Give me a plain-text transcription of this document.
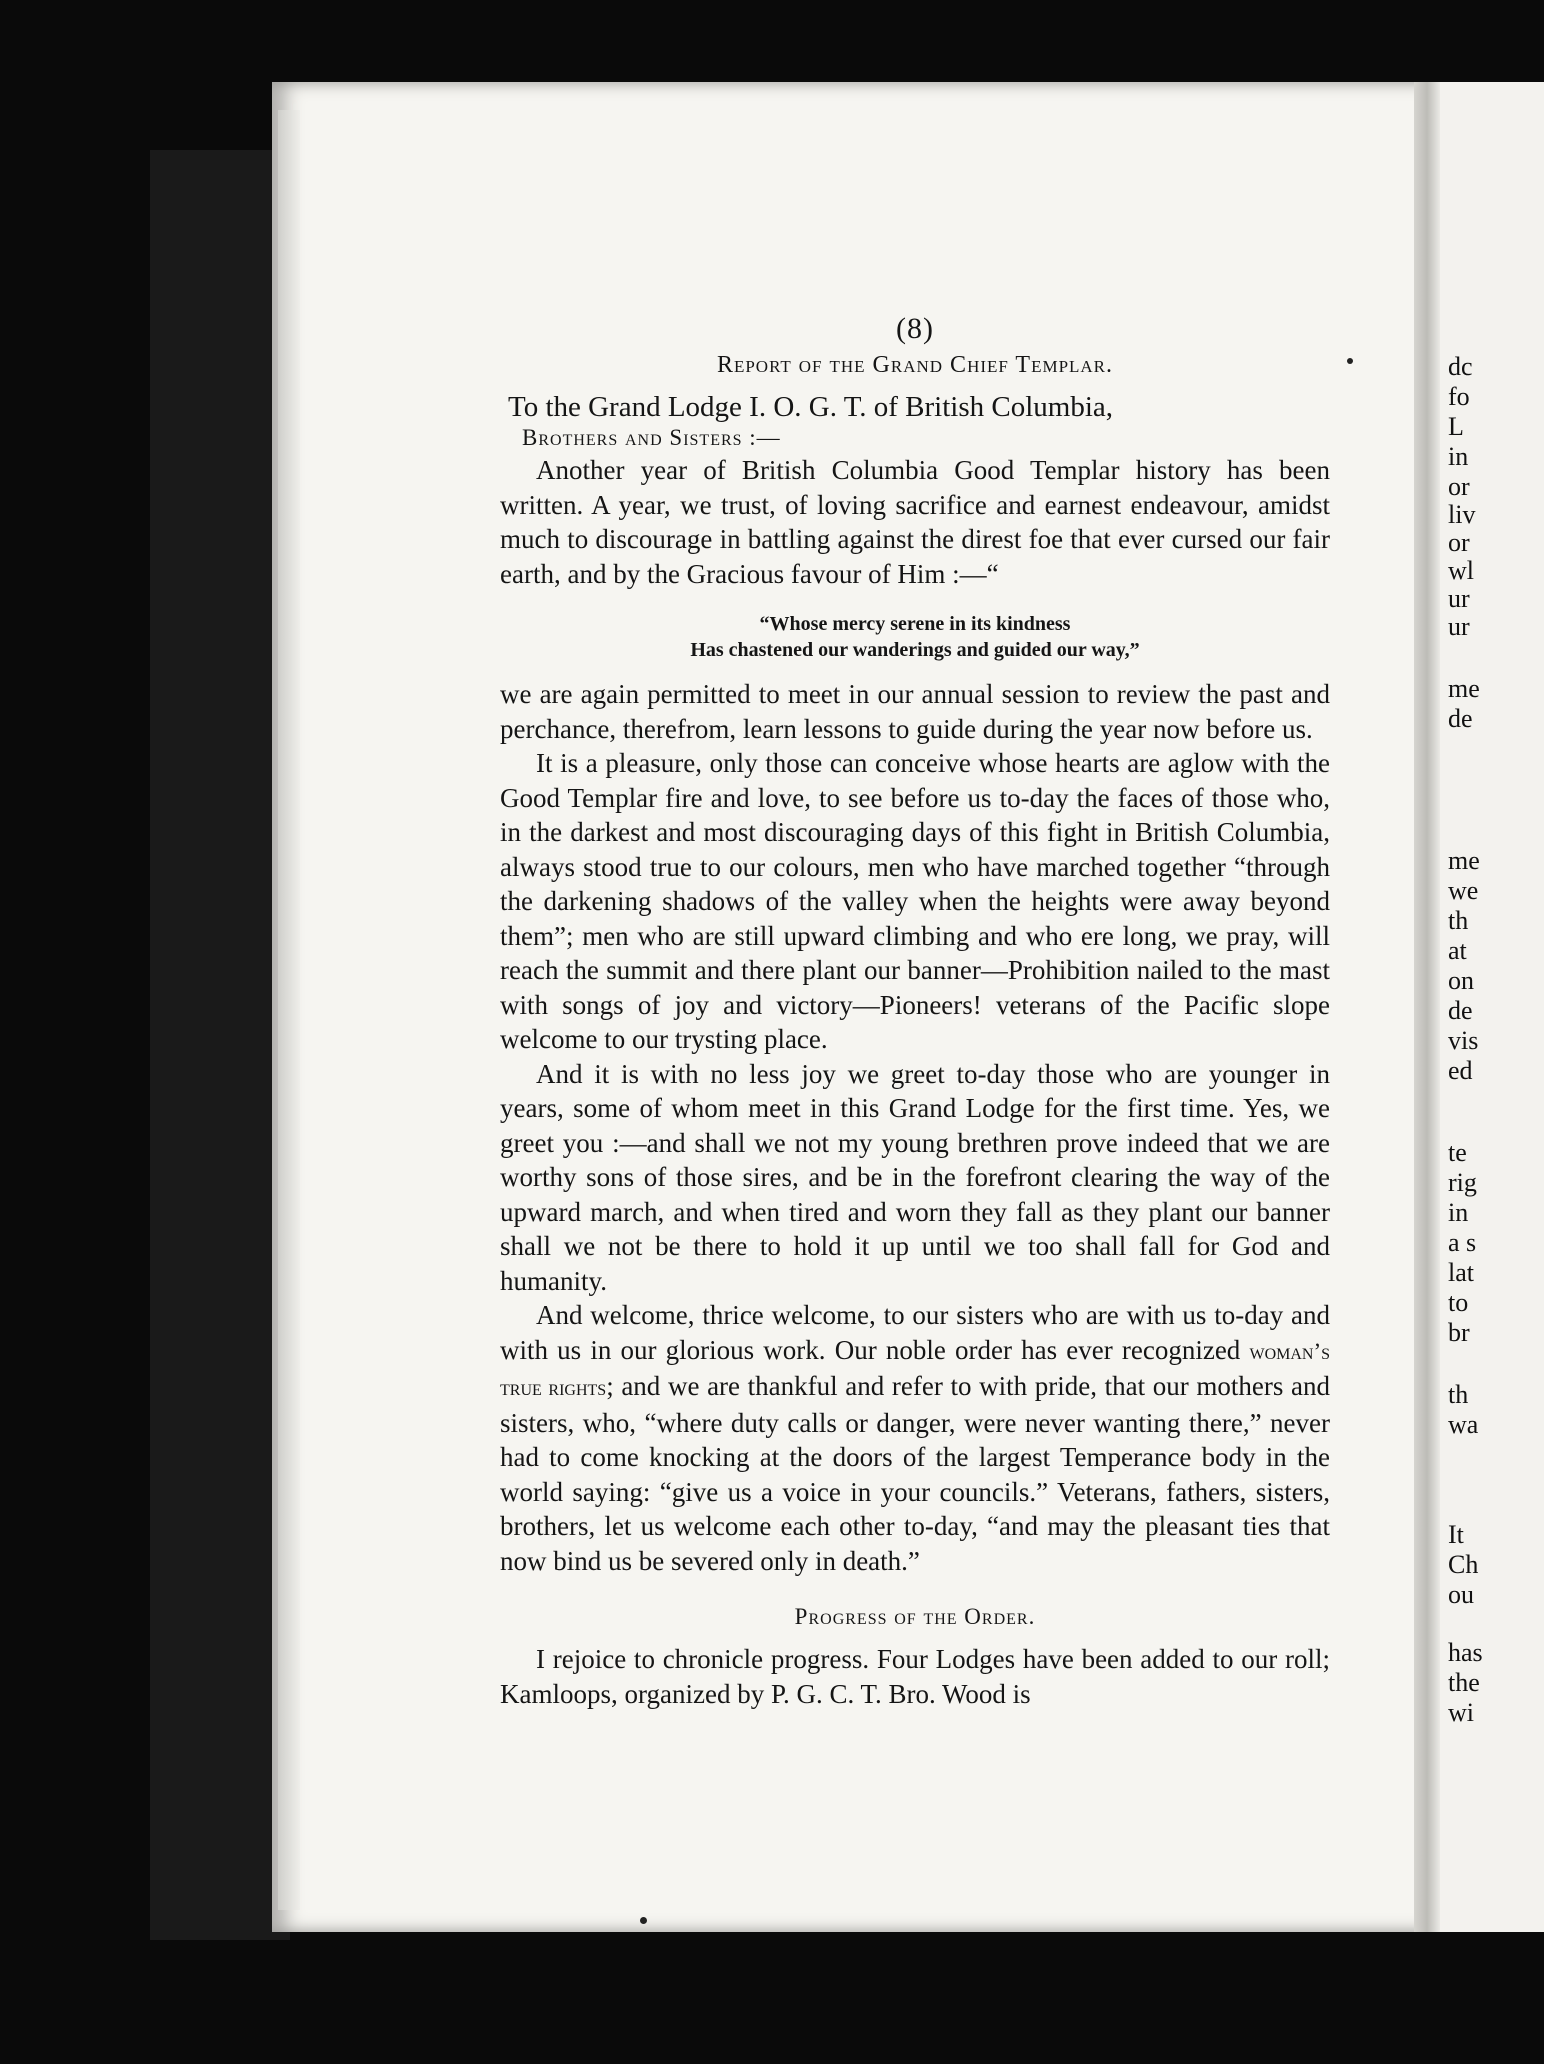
dc
fo
L
in
or
liv
or
wl
ur
ur
me
de
me
we
th
at
on
de
vis
ed
te
rig
in
a s
lat
to
br
th
wa
It
Ch
ou
has
the
wi
(8)
Report of the Grand Chief Templar.
To the Grand Lodge I. O. G. T. of British Columbia,
Brothers and Sisters :—

Another year of British Columbia Good Templar history has been written. A year, we trust, of loving sacrifice and earnest endeavour, amidst much to discourage in battling against the direst foe that ever cursed our fair earth, and by the Gracious favour of Him :—“

“Whose mercy serene in its kindness
Has chastened our wanderings and guided our way,”

we are again permitted to meet in our annual session to review the past and perchance, therefrom, learn lessons to guide during the year now before us.

It is a pleasure, only those can conceive whose hearts are aglow with the Good Templar fire and love, to see before us to-day the faces of those who, in the darkest and most discouraging days of this fight in British Columbia, always stood true to our colours, men who have marched together “through the darkening shadows of the valley when the heights were away beyond them”; men who are still upward climbing and who ere long, we pray, will reach the summit and there plant our banner—Prohibition nailed to the mast with songs of joy and victory—Pioneers! veterans of the Pacific slope welcome to our trysting place.

And it is with no less joy we greet to-day those who are younger in years, some of whom meet in this Grand Lodge for the first time. Yes, we greet you :—and shall we not my young brethren prove indeed that we are worthy sons of those sires, and be in the forefront clearing the way of the upward march, and when tired and worn they fall as they plant our banner shall we not be there to hold it up until we too shall fall for God and humanity.

And welcome, thrice welcome, to our sisters who are with us to-day and with us in our glorious work. Our noble order has ever recognized woman’s true rights; and we are thankful and refer to with pride, that our mothers and sisters, who, “where duty calls or danger, were never wanting there,” never had to come knocking at the doors of the largest Temperance body in the world saying: “give us a voice in your councils.” Veterans, fathers, sisters, brothers, let us welcome each other to-day, “and may the pleasant ties that now bind us be severed only in death.”

Progress of the Order.

I rejoice to chronicle progress. Four Lodges have been added to our roll; Kamloops, organized by P. G. C. T. Bro. Wood is
